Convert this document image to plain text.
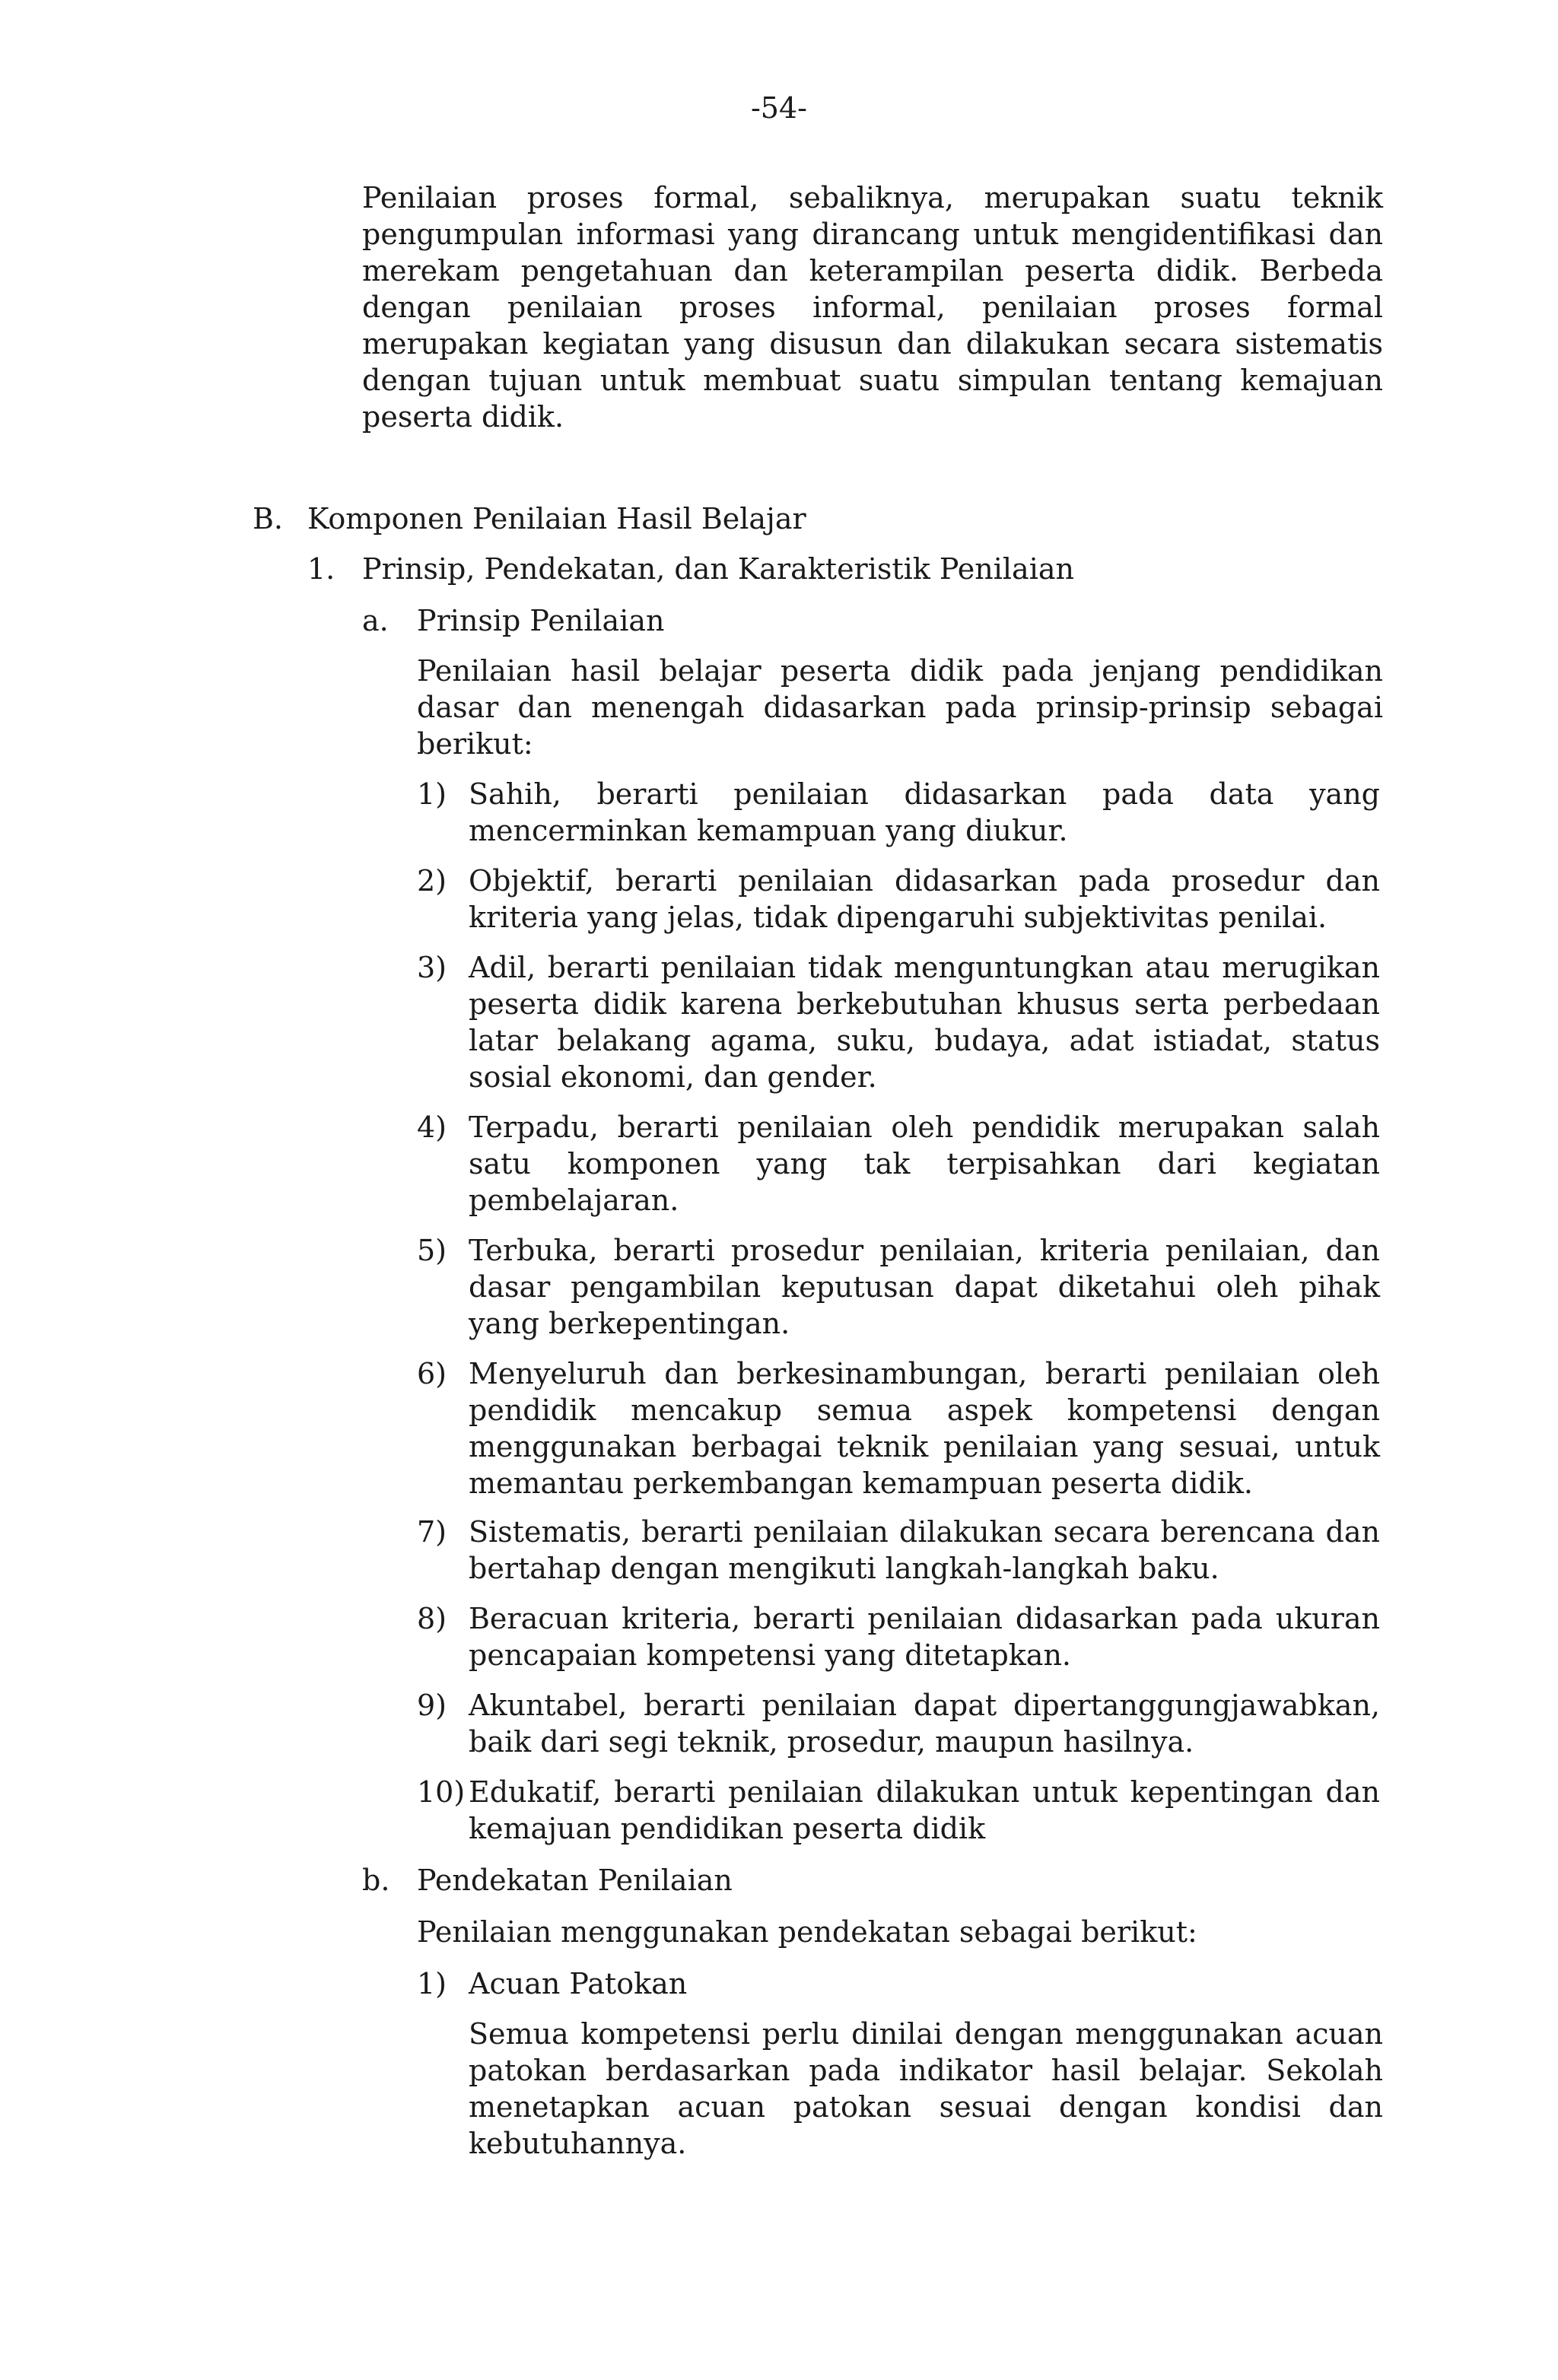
-54-

Penilaian proses formal, sebaliknya, merupakan suatu teknik pengumpulan informasi yang dirancang untuk mengidentifikasi dan merekam pengetahuan dan keterampilan peserta didik. Berbeda dengan penilaian proses informal, penilaian proses formal merupakan kegiatan yang disusun dan dilakukan secara sistematis dengan tujuan untuk membuat suatu simpulan tentang kemajuan peserta didik.

B. Komponen Penilaian Hasil Belajar
1. Prinsip, Pendekatan, dan Karakteristik Penilaian
a. Prinsip Penilaian

Penilaian hasil belajar peserta didik pada jenjang pendidikan dasar dan menengah didasarkan pada prinsip-prinsip sebagai berikut:

1) Sahih, berarti penilaian didasarkan pada data yang mencerminkan kemampuan yang diukur.
2) Objektif, berarti penilaian didasarkan pada prosedur dan kriteria yang jelas, tidak dipengaruhi subjektivitas penilai.
3) Adil, berarti penilaian tidak menguntungkan atau merugikan peserta didik karena berkebutuhan khusus serta perbedaan latar belakang agama, suku, budaya, adat istiadat, status sosial ekonomi, dan gender.
4) Terpadu, berarti penilaian oleh pendidik merupakan salah satu komponen yang tak terpisahkan dari kegiatan pembelajaran.
5) Terbuka, berarti prosedur penilaian, kriteria penilaian, dan dasar pengambilan keputusan dapat diketahui oleh pihak yang berkepentingan.
6) Menyeluruh dan berkesinambungan, berarti penilaian oleh pendidik mencakup semua aspek kompetensi dengan menggunakan berbagai teknik penilaian yang sesuai, untuk memantau perkembangan kemampuan peserta didik.
7) Sistematis, berarti penilaian dilakukan secara berencana dan bertahap dengan mengikuti langkah-langkah baku.
8) Beracuan kriteria, berarti penilaian didasarkan pada ukuran pencapaian kompetensi yang ditetapkan.
9) Akuntabel, berarti penilaian dapat dipertanggungjawabkan, baik dari segi teknik, prosedur, maupun hasilnya.
10) Edukatif, berarti penilaian dilakukan untuk kepentingan dan kemajuan pendidikan peserta didik
b. Pendekatan Penilaian

Penilaian menggunakan pendekatan sebagai berikut:

1) Acuan Patokan

Semua kompetensi perlu dinilai dengan menggunakan acuan patokan berdasarkan pada indikator hasil belajar. Sekolah menetapkan acuan patokan sesuai dengan kondisi dan kebutuhannya.
